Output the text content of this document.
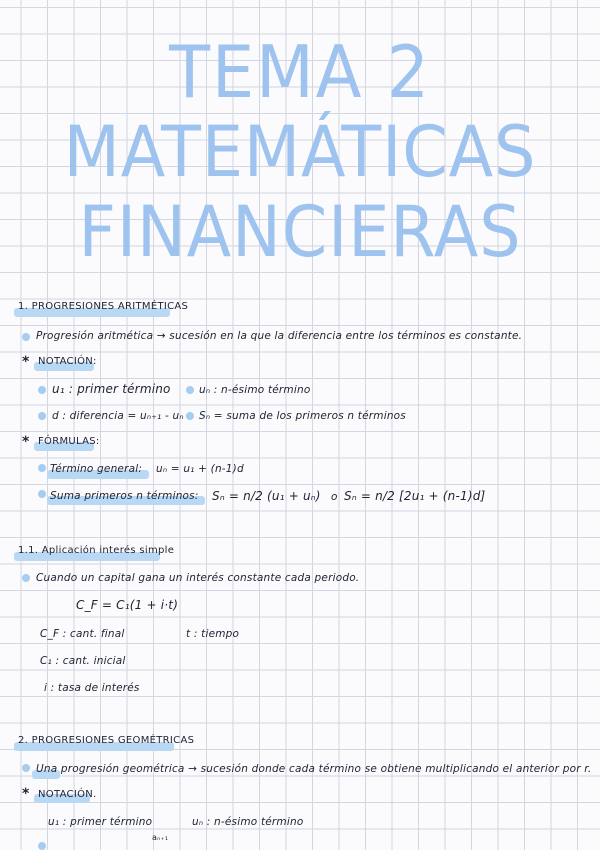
TEMA 2
MATEMÁTICAS
FINANCIERAS
1. PROGRESIONES ARITMÉTICAS
Progresión aritmética → sucesión en la que la diferencia entre los términos es constante.
* NOTACIÓN:
u₁ : primer término	uₙ : n-ésimo término
d : diferencia = uₙ₊₁ - uₙ Sₙ = suma de los primeros n términos
* FÓRMULAS:
Término general: uₙ = u₁ + (n-1)d
Suma primeros n términos: Sₙ = n/2 (u₁ + uₙ) o Sₙ = n/2 [2u₁ + (n-1)d]
1.1. Aplicación interés simple
Cuando un capital gana un interés constante cada periodo.
C_F = C₁(1 + i·t)
C_F : cant. final	t : tiempo
C₁ : cant. inicial
i : tasa de interés
2. PROGRESIONES GEOMÉTRICAS
Una progresión geométrica → sucesión donde cada término se obtiene multiplicando el anterior por r.
* NOTACIÓN.
u₁ : primer término	uₙ : n-ésimo término
aₙ₊₁
